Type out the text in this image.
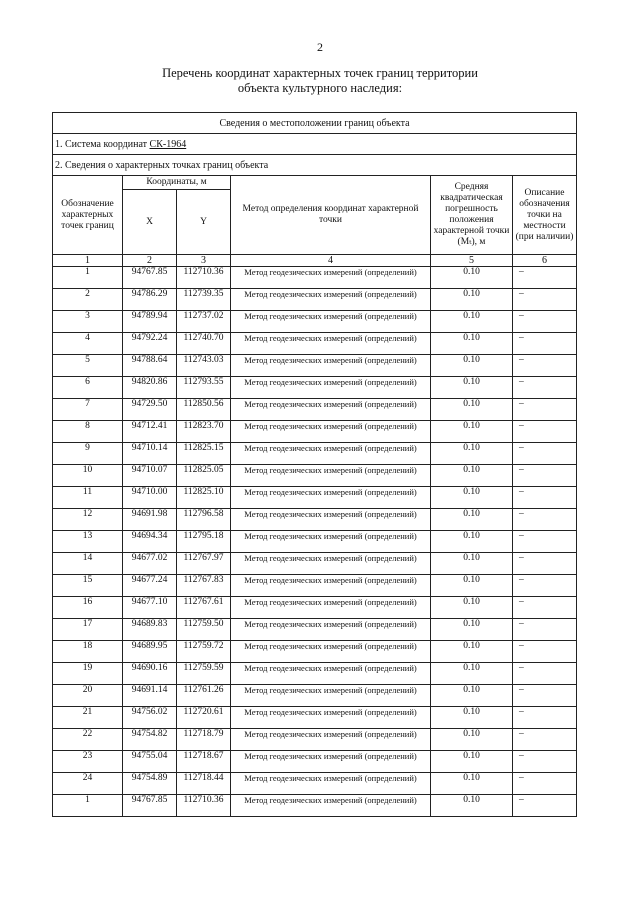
2
Перечень координат характерных точек границ территории
объекта культурного наследия:
Сведения о местоположении границ объекта					
1. Система координат СК-1964					
2. Сведения о характерных точках границ объекта					
Обозначение характерных точек границ	Координаты, м		Метод определения координат характерной точки	Средняя квадратическая погрешность положения характерной точки (Mₜ), м	Описание обозначения точки на местности (при наличии)
	X	Y			
1	2	3	4	5	6
1	94767.85	112710.36	Метод геодезических измерений (определений)	0.10	–
2	94786.29	112739.35	Метод геодезических измерений (определений)	0.10	–
3	94789.94	112737.02	Метод геодезических измерений (определений)	0.10	–
4	94792.24	112740.70	Метод геодезических измерений (определений)	0.10	–
5	94788.64	112743.03	Метод геодезических измерений (определений)	0.10	–
6	94820.86	112793.55	Метод геодезических измерений (определений)	0.10	–
7	94729.50	112850.56	Метод геодезических измерений (определений)	0.10	–
8	94712.41	112823.70	Метод геодезических измерений (определений)	0.10	–
9	94710.14	112825.15	Метод геодезических измерений (определений)	0.10	–
10	94710.07	112825.05	Метод геодезических измерений (определений)	0.10	–
11	94710.00	112825.10	Метод геодезических измерений (определений)	0.10	–
12	94691.98	112796.58	Метод геодезических измерений (определений)	0.10	–
13	94694.34	112795.18	Метод геодезических измерений (определений)	0.10	–
14	94677.02	112767.97	Метод геодезических измерений (определений)	0.10	–
15	94677.24	112767.83	Метод геодезических измерений (определений)	0.10	–
16	94677.10	112767.61	Метод геодезических измерений (определений)	0.10	–
17	94689.83	112759.50	Метод геодезических измерений (определений)	0.10	–
18	94689.95	112759.72	Метод геодезических измерений (определений)	0.10	–
19	94690.16	112759.59	Метод геодезических измерений (определений)	0.10	–
20	94691.14	112761.26	Метод геодезических измерений (определений)	0.10	–
21	94756.02	112720.61	Метод геодезических измерений (определений)	0.10	–
22	94754.82	112718.79	Метод геодезических измерений (определений)	0.10	–
23	94755.04	112718.67	Метод геодезических измерений (определений)	0.10	–
24	94754.89	112718.44	Метод геодезических измерений (определений)	0.10	–
1	94767.85	112710.36	Метод геодезических измерений (определений)	0.10	–
